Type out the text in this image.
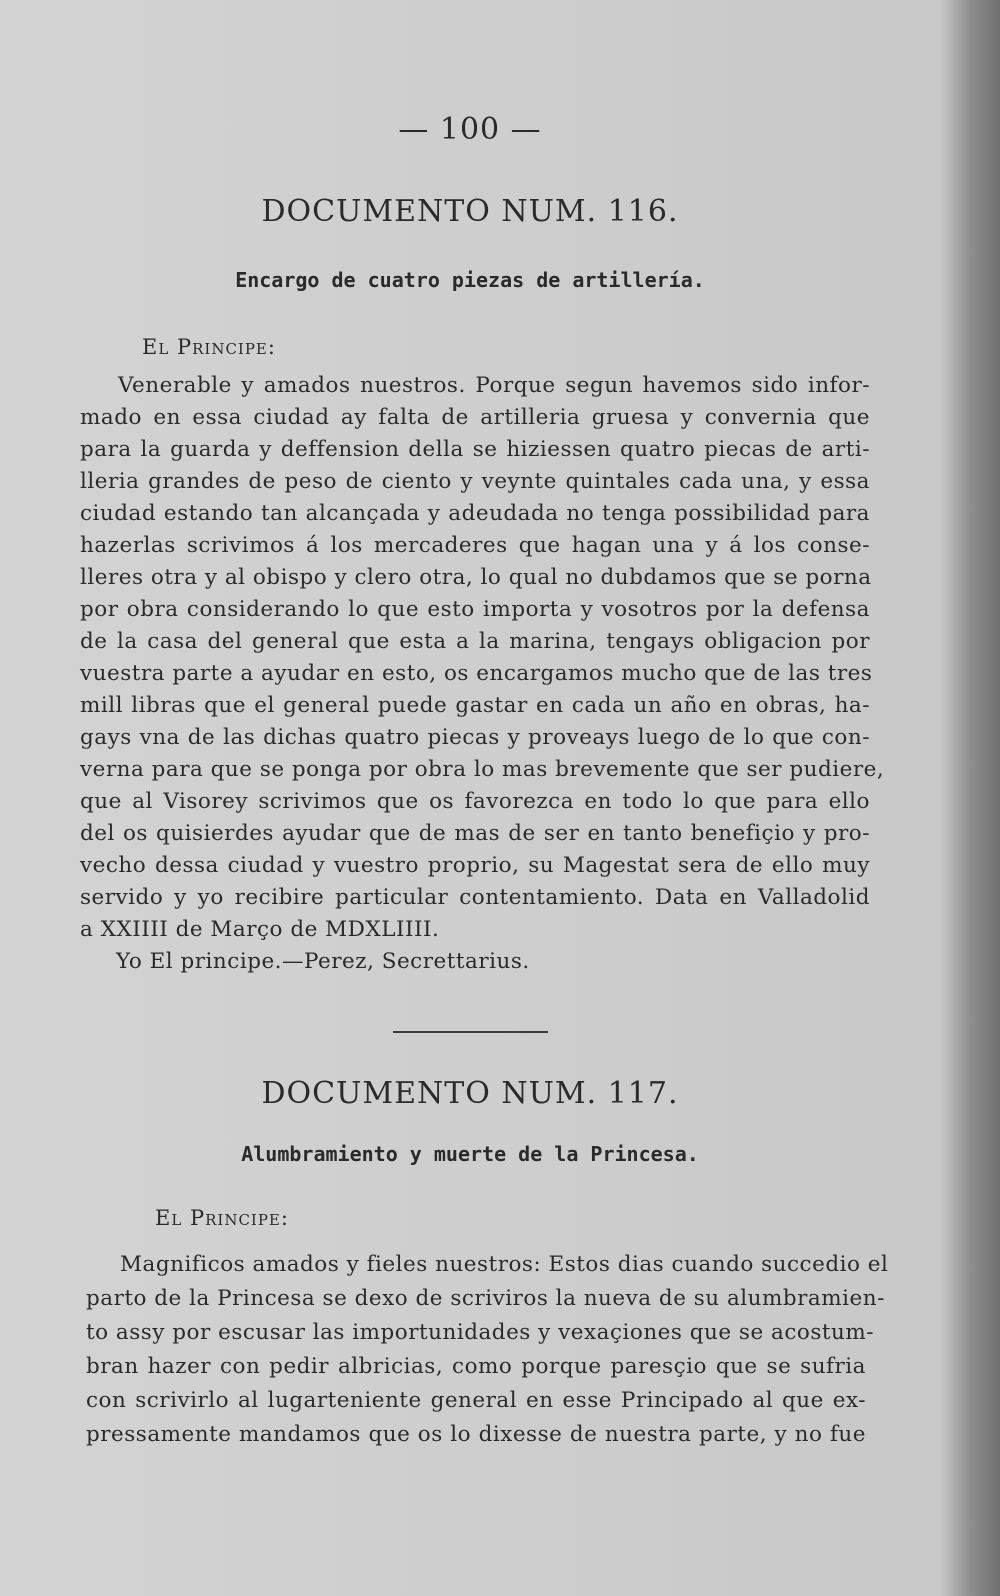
— 100 —
DOCUMENTO NUM. 116.
Encargo de cuatro piezas de artillería.
El Principe:
Venerable y amados nuestros. Porque segun havemos sido infor-
mado en essa ciudad ay falta de artilleria gruesa y convernia que
para la guarda y deffension della se hiziessen quatro piecas de arti-
lleria grandes de peso de ciento y veynte quintales cada una, y essa
ciudad estando tan alcançada y adeudada no tenga possibilidad para
hazerlas scrivimos á los mercaderes que hagan una y á los conse-
lleres otra y al obispo y clero otra, lo qual no dubdamos que se porna
por obra considerando lo que esto importa y vosotros por la defensa
de la casa del general que esta a la marina, tengays obligacion por
vuestra parte a ayudar en esto, os encargamos mucho que de las tres
mill libras que el general puede gastar en cada un año en obras, ha-
gays vna de las dichas quatro piecas y proveays luego de lo que con-
verna para que se ponga por obra lo mas brevemente que ser pudiere,
que al Visorey scrivimos que os favorezca en todo lo que para ello
del os quisierdes ayudar que de mas de ser en tanto benefiçio y pro-
vecho dessa ciudad y vuestro proprio, su Magestat sera de ello muy
servido y yo recibire particular contentamiento. Data en Valladolid
a XXIIII de Março de MDXLIIII.
Yo El principe.—Perez, Secrettarius.
DOCUMENTO NUM. 117.
Alumbramiento y muerte de la Princesa.
El Principe:
Magnificos amados y fieles nuestros: Estos dias cuando succedio el
parto de la Princesa se dexo de scriviros la nueva de su alumbramien-
to assy por escusar las importunidades y vexaçiones que se acostum-
bran hazer con pedir albricias, como porque paresçio que se sufria
con scrivirlo al lugarteniente general en esse Principado al que ex-
pressamente mandamos que os lo dixesse de nuestra parte, y no fue
